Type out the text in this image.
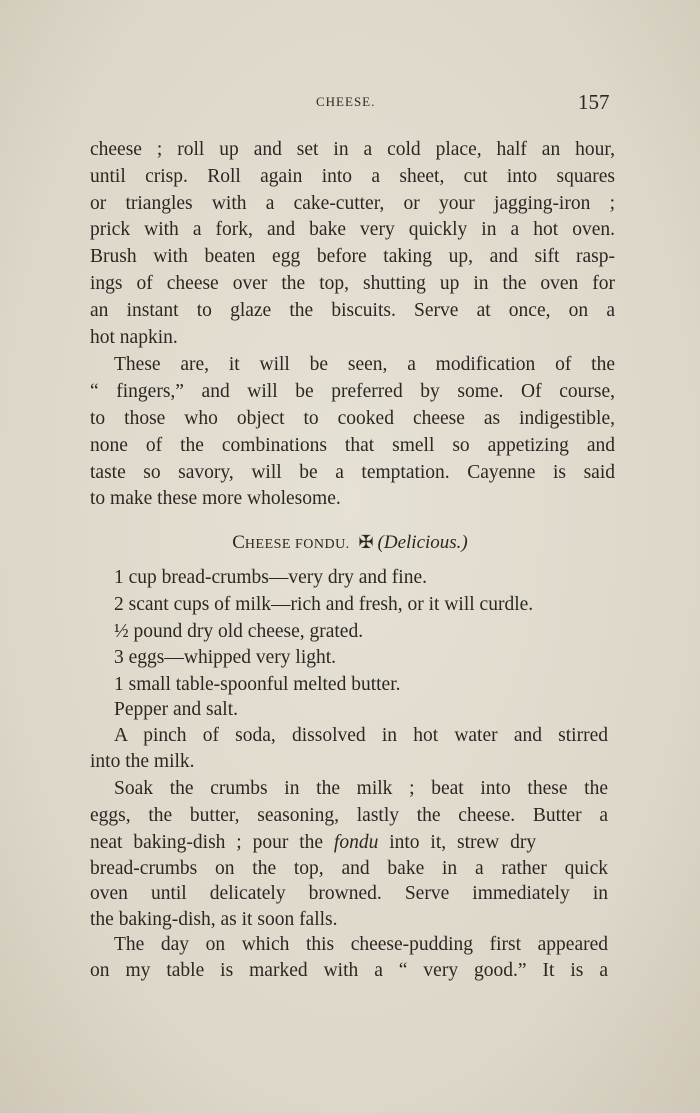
CHEESE.	157
cheese ; roll up and set in a cold place, half an hour,
until crisp. Roll again into a sheet, cut into squares
or triangles with a cake-cutter, or your jagging-iron ;
prick with a fork, and bake very quickly in a hot oven.
Brush with beaten egg before taking up, and sift rasp-
ings of cheese over the top, shutting up in the oven for
an instant to glaze the biscuits. Serve at once, on a
hot napkin.
These are, it will be seen, a modification of the
“ fingers,” and will be preferred by some. Of course,
to those who object to cooked cheese as indigestible,
none of the combinations that smell so appetizing and
taste so savory, will be a temptation. Cayenne is said
to make these more wholesome.
CHEESE FONDU. ✠ (Delicious.)
1 cup bread-crumbs—very dry and fine.
2 scant cups of milk—rich and fresh, or it will curdle.
½ pound dry old cheese, grated.
3 eggs—whipped very light.
1 small table-spoonful melted butter.
Pepper and salt.
A pinch of soda, dissolved in hot water and stirred
into the milk.
Soak the crumbs in the milk ; beat into these the
eggs, the butter, seasoning, lastly the cheese. Butter a
neat baking-dish ; pour the fondu into it, strew dry
bread-crumbs on the top, and bake in a rather quick
oven until delicately browned. Serve immediately in
the baking-dish, as it soon falls.
The day on which this cheese-pudding first appeared
on my table is marked with a “ very good.” It is a
